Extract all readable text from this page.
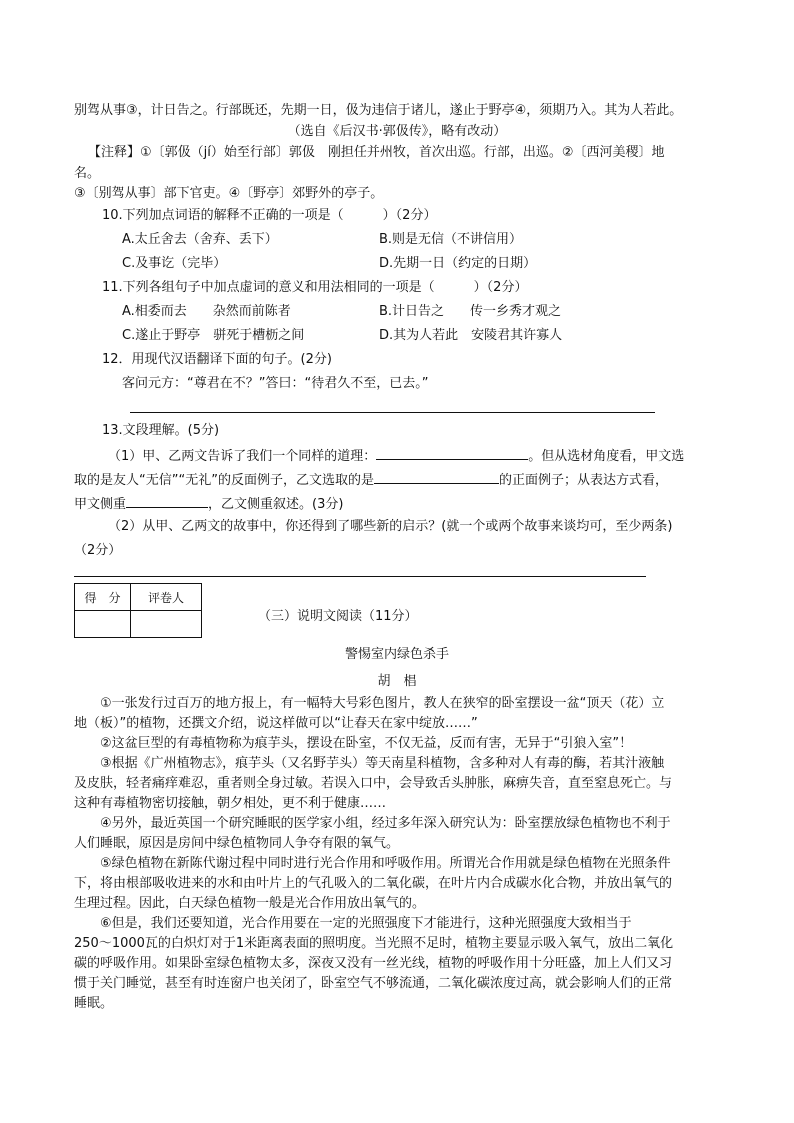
别驾从事③，计日告之。行部既还，先期一日，伋为违信于诸儿，遂止于野亭④，须期乃入。其为人若此。
（选自《后汉书·郭伋传》，略有改动）
【注释】①〔郭伋（jí）始至行部〕郭伋　刚担任并州牧，首次出巡。行部，出巡。②〔西河美稷〕地
名。
③〔别驾从事〕部下官吏。④〔野亭〕郊野外的亭子。
10.下列加点词语的解释不正确的一项是（　　　）（2分）
A.太丘舍去（舍弃、丢下）	B.则是无信（不讲信用）
C.及事讫（完毕）	D.先期一日（约定的日期）
11.下列各组句子中加点虚词的意义和用法相同的一项是（　　　）（2分）
A.相委而去　　杂然而前陈者	B.计日告之　　传一乡秀才观之
C.遂止于野亭　骈死于槽枥之间	D.其为人若此　安陵君其许寡人
12．用现代汉语翻译下面的句子。(2分)
客问元方：“尊君在不？”答曰：“待君久不至，已去。”
13.文段理解。(5分)
（1）甲、乙两文告诉了我们一个同样的道理：	。但从选材角度看，甲文选
取的是友人“无信”“无礼”的反面例子，乙文选取的是	的正面例子；从表达方式看，
甲文侧重	，乙文侧重叙述。(3分)
（2）从甲、乙两文的故事中，你还得到了哪些新的启示？(就一个或两个故事来谈均可，至少两条)
（2分）
得　分	评卷人

（三）说明文阅读（11分）
警惕室内绿色杀手
胡　椙
　　①一张发行过百万的地方报上，有一幅特大号彩色图片，教人在狭窄的卧室摆设一盆“顶天（花）立
地（板）”的植物，还撰文介绍，说这样做可以“让春天在家中绽放……”
　　②这盆巨型的有毒植物称为痕芋头，摆设在卧室，不仅无益，反而有害，无异于“引狼入室”！
　　③根据《广州植物志》，痕芋头（又名野芋头）等天南星科植物，含多种对人有毒的酶，若其汁液触
及皮肤，轻者痛痒难忍，重者则全身过敏。若误入口中，会导致舌头肿胀，麻痹失音，直至窒息死亡。与
这种有毒植物密切接触，朝夕相处，更不利于健康……
　　④另外，最近英国一个研究睡眠的医学家小组，经过多年深入研究认为：卧室摆放绿色植物也不利于
人们睡眠，原因是房间中绿色植物同人争夺有限的氧气。
　　⑤绿色植物在新陈代谢过程中同时进行光合作用和呼吸作用。所谓光合作用就是绿色植物在光照条件
下，将由根部吸收进来的水和由叶片上的气孔吸入的二氧化碳，在叶片内合成碳水化合物，并放出氧气的
生理过程。因此，白天绿色植物一般是光合作用放出氧气的。
　　⑥但是，我们还要知道，光合作用要在一定的光照强度下才能进行，这种光照强度大致相当于
250～1000瓦的白炽灯对于1米距离表面的照明度。当光照不足时，植物主要显示吸入氧气，放出二氧化
碳的呼吸作用。如果卧室绿色植物太多，深夜又没有一丝光线，植物的呼吸作用十分旺盛，加上人们又习
惯于关门睡觉，甚至有时连窗户也关闭了，卧室空气不够流通，二氧化碳浓度过高，就会影响人们的正常
睡眠。
